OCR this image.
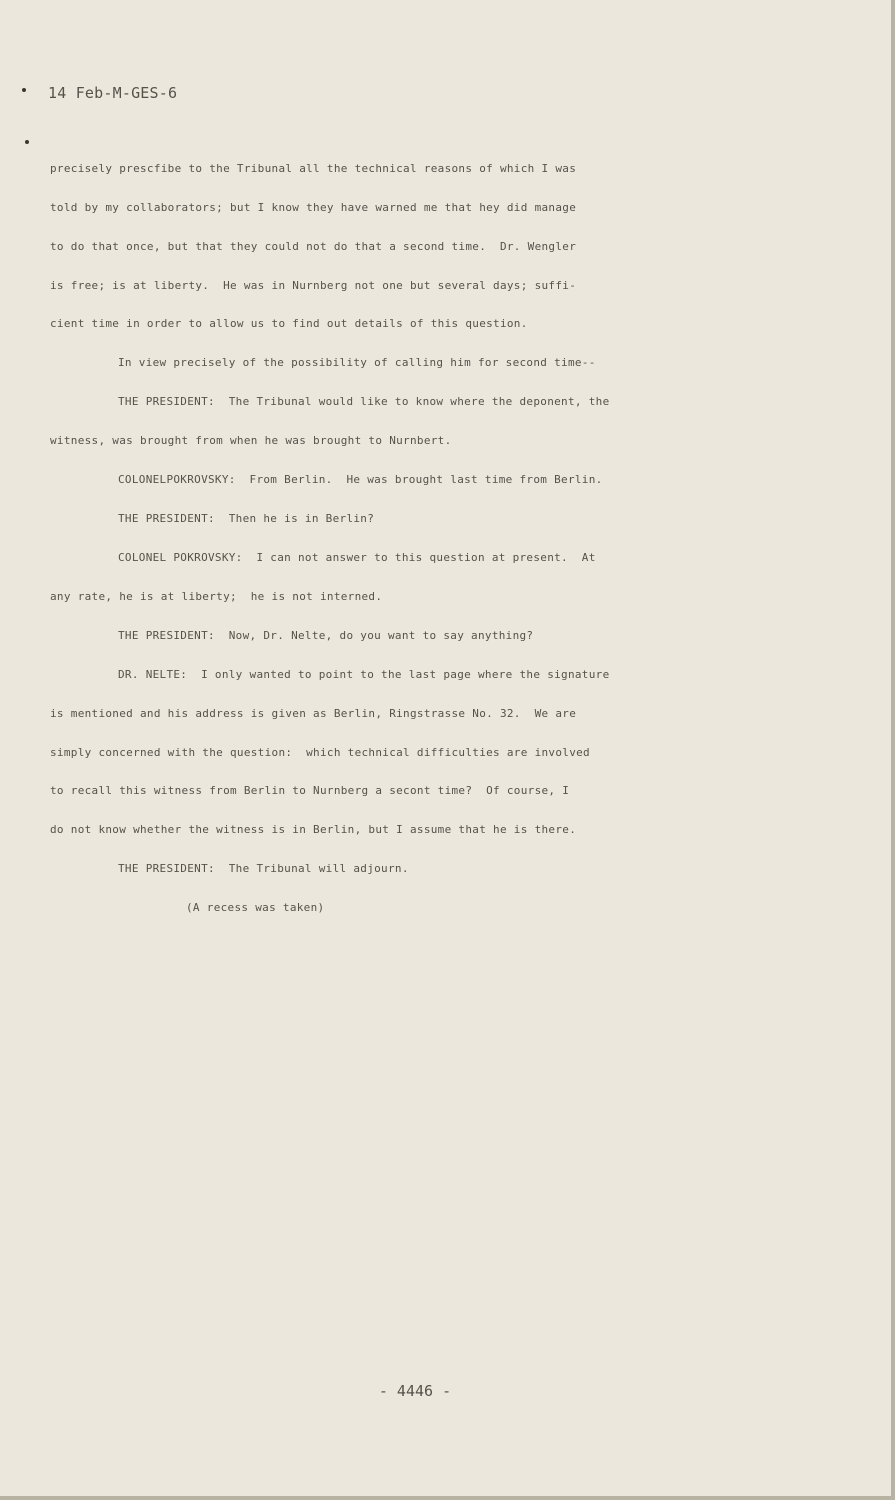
14 Feb-M-GES-6
precisely prescfibe to the Tribunal all the technical reasons of which I was
told by my collaborators; but I know they have warned me that hey did manage
to do that once, but that they could not do that a second time.  Dr. Wengler
is free; is at liberty.  He was in Nurnberg not one but several days; suffi-
cient time in order to allow us to find out details of this question.
In view precisely of the possibility of calling him for second time--
THE PRESIDENT:  The Tribunal would like to know where the deponent, the
witness, was brought from when he was brought to Nurnbert.
COLONELPOKROVSKY:  From Berlin.  He was brought last time from Berlin.
THE PRESIDENT:  Then he is in Berlin?
COLONEL POKROVSKY:  I can not answer to this question at present.  At
any rate, he is at liberty;  he is not interned.
THE PRESIDENT:  Now, Dr. Nelte, do you want to say anything?
DR. NELTE:  I only wanted to point to the last page where the signature
is mentioned and his address is given as Berlin, Ringstrasse No. 32.  We are
simply concerned with the question:  which technical difficulties are involved
to recall this witness from Berlin to Nurnberg a secont time?  Of course, I
do not know whether the witness is in Berlin, but I assume that he is there.
THE PRESIDENT:  The Tribunal will adjourn.
(A recess was taken)
- 4446 -
